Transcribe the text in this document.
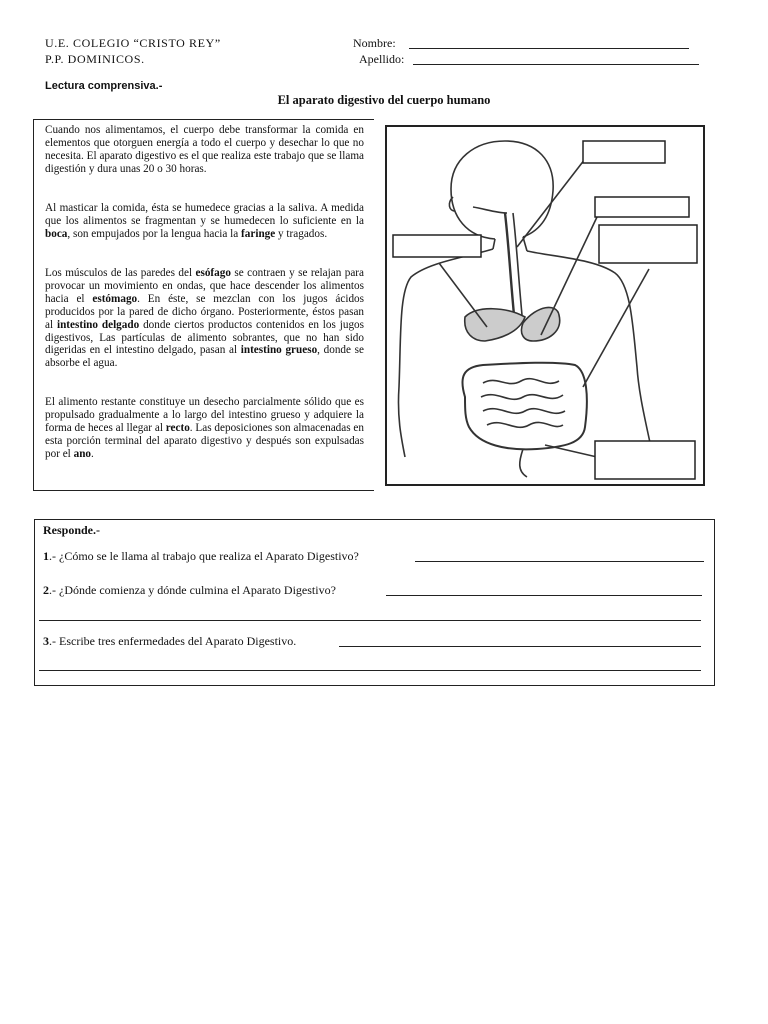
U.E. COLEGIO “CRISTO REY”
P.P. DOMINICOS.
Nombre:
Apellido:
Lectura comprensiva.-
El aparato digestivo del cuerpo humano

Cuando nos alimentamos, el cuerpo debe transformar la comida en elementos que otorguen energía a todo el cuerpo y desechar lo que no necesita. El aparato digestivo es el que realiza este trabajo que se llama digestión y dura unas 20 o 30 horas.

Al masticar la comida, ésta se humedece gracias a la saliva. A medida que los alimentos se fragmentan y se humedecen lo suficiente en la boca, son empujados por la lengua hacia la faringe y tragados.

Los músculos de las paredes del esófago se contraen y se relajan para provocar un movimiento en ondas, que hace descender los alimentos hacia el estómago. En éste, se mezclan con los jugos ácidos producidos por la pared de dicho órgano. Posteriormente, éstos pasan al intestino delgado donde ciertos productos contenidos en los jugos digestivos, Las partículas de alimento sobrantes, que no han sido digeridas en el intestino delgado, pasan al intestino grueso, donde se absorbe el agua.

El alimento restante constituye un desecho parcialmente sólido que es propulsado gradualmente a lo largo del intestino grueso y adquiere la forma de heces al llegar al recto. Las deposiciones son almacenadas en esta porción terminal del aparato digestivo y después son expulsadas por el ano.

Responde.-
1.- ¿Cómo se le llama al trabajo que realiza el Aparato Digestivo?
2.- ¿Dónde comienza y dónde culmina el Aparato Digestivo?
3.- Escribe tres enfermedades del Aparato Digestivo.
